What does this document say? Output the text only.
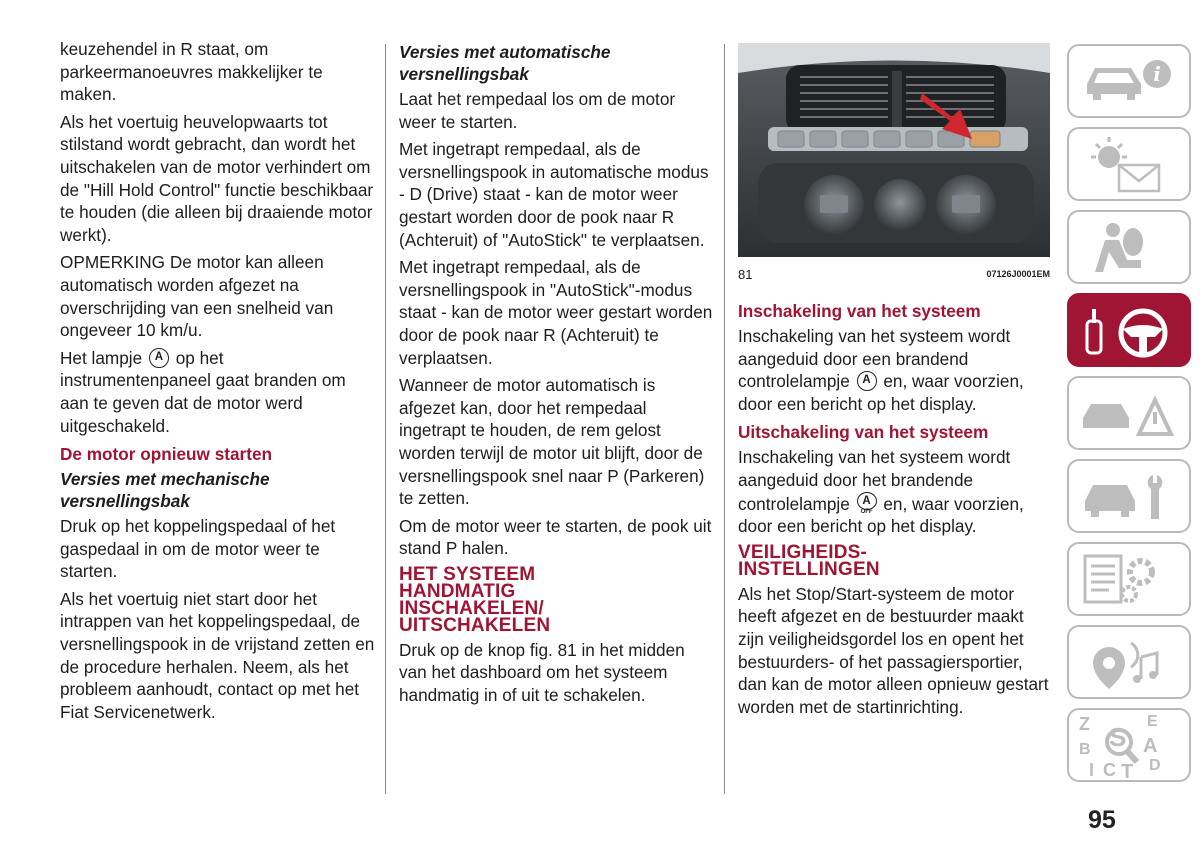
keuzehendel in R staat, om parkeermanoeuvres makkelijker te maken.

Als het voertuig heuvelopwaarts tot stilstand wordt gebracht, dan wordt het uitschakelen van de motor verhindert om de "Hill Hold Control" functie beschikbaar te houden (die alleen bij draaiende motor werkt).

OPMERKING De motor kan alleen automatisch worden afgezet na overschrijding van een snelheid van ongeveer 10 km/u.

Het lampje A op het instrumentenpaneel gaat branden om aan te geven dat de motor werd uitgeschakeld.

De motor opnieuw starten
Versies met mechanische versnellingsbak

Druk op het koppelingspedaal of het gaspedaal in om de motor weer te starten.

Als het voertuig niet start door het intrappen van het koppelingspedaal, de versnellingspook in de vrijstand zetten en de procedure herhalen. Neem, als het probleem aanhoudt, contact op met het Fiat Servicenetwerk.

Versies met automatische versnellingsbak

Laat het rempedaal los om de motor weer te starten.

Met ingetrapt rempedaal, als de versnellingspook in automatische modus - D (Drive) staat - kan de motor weer gestart worden door de pook naar R (Achteruit) of "AutoStick" te verplaatsen.

Met ingetrapt rempedaal, als de versnellingspook in "AutoStick"-modus staat - kan de motor weer gestart worden door de pook naar R (Achteruit) te verplaatsen.

Wanneer de motor automatisch is afgezet kan, door het rempedaal ingetrapt te houden, de rem gelost worden terwijl de motor uit blijft, door de versnellingspook snel naar P (Parkeren) te zetten.

Om de motor weer te starten, de pook uit stand P halen.

HET SYSTEEM
HANDMATIG
INSCHAKELEN/
UITSCHAKELEN

Druk op de knop fig. 81 in het midden van het dashboard om het systeem handmatig in of uit te schakelen.

81	07126J0001EM
Inschakeling van het systeem

Inschakeling van het systeem wordt aangeduid door een brandend controlelampje A en, waar voorzien, door een bericht op het display.

Uitschakeling van het systeem

Inschakeling van het systeem wordt aangeduid door het brandende controlelampje OFF
A en, waar voorzien, door een bericht op het display.

VEILIGHEIDS-
INSTELLINGEN

Als het Stop/Start-systeem de motor heeft afgezet en de bestuurder maakt zijn veiligheidsgordel los en opent het bestuurders- of het passagiersportier, dan kan de motor alleen opnieuw gestart worden met de startinrichting.

i
Z	E
S
B	A
C T D
I
95
